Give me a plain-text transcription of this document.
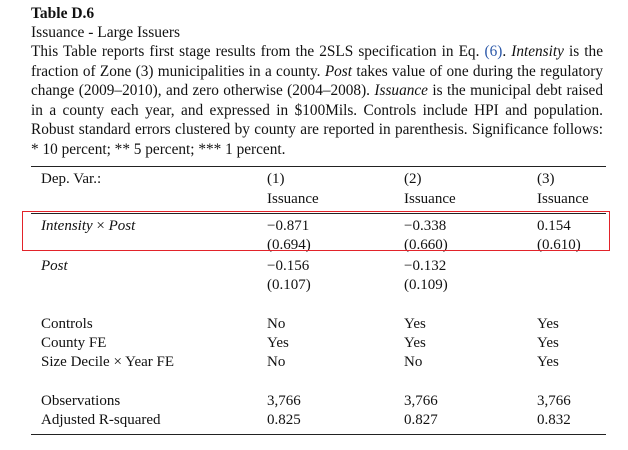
Table D.6
Issuance - Large Issuers

This Table reports first stage results from the 2SLS specification in Eq. (6). Intensity is the fraction of Zone (3) municipalities in a county. Post takes value of one during the regulatory change (2009–2010), and zero otherwise (2004–2008). Issuance is the municipal debt raised in a county each year, and expressed in $100Mils. Controls include HPI and population. Robust standard errors clustered by county are reported in parenthesis. Significance follows: * 10 percent; ** 5 percent; *** 1 percent.

Dep. Var.:	(1)	(2)	(3)
Issuance	Issuance	Issuance
Intensity × Post	−0.871	−0.338	0.154
(0.694)	(0.660)	(0.610)
Post	−0.156	−0.132
(0.107)	(0.109)
Controls	No	Yes	Yes
County FE	Yes	Yes	Yes
Size Decile × Year FE	No	No	Yes
Observations	3,766	3,766	3,766
Adjusted R-squared	0.825	0.827	0.832
